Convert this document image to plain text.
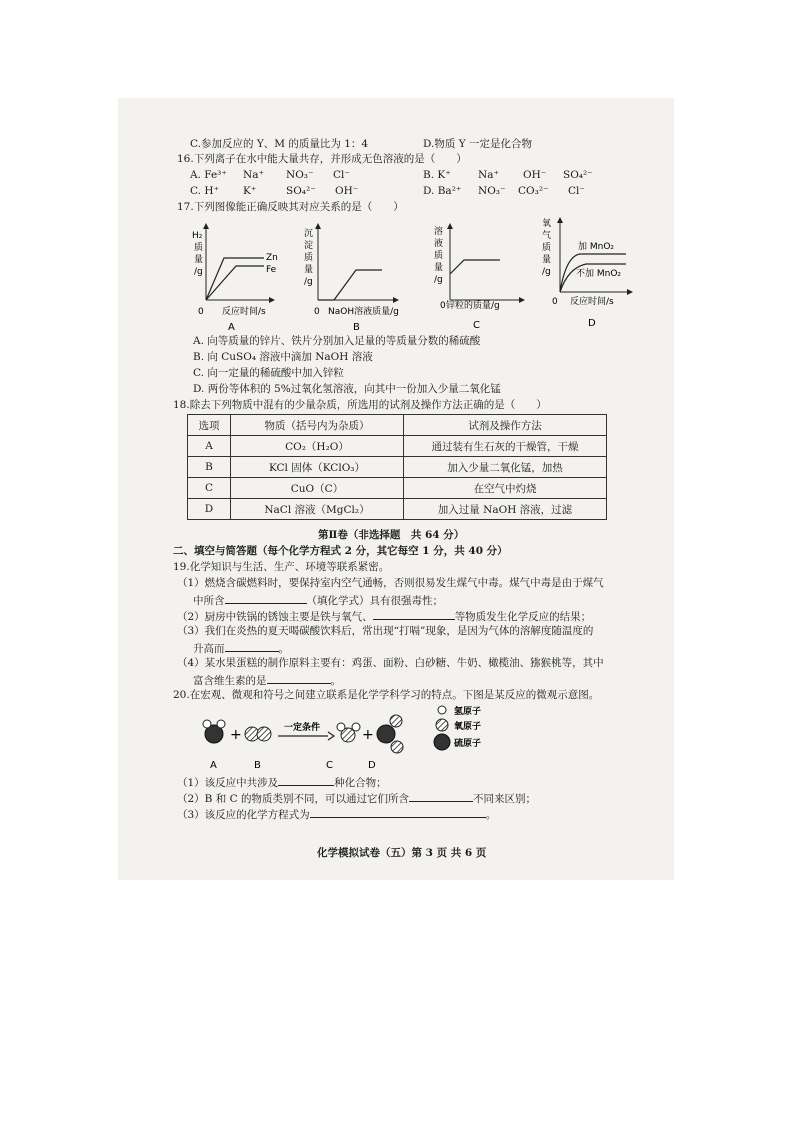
C.参加反应的 Y、M 的质量比为 1：4	D.物质 Y 一定是化合物
16.下列离子在水中能大量共存，并形成无色溶液的是（　　）
A. Fe³⁺ Na⁺ NO₃⁻ Cl⁻	B. K⁺	Na⁺ OH⁻ SO₄²⁻
C. H⁺ K⁺	SO₄²⁻ OH⁻	D. Ba²⁺ NO₃⁻ CO₃²⁻ Cl⁻
17.下列图像能正确反映其对应关系的是（　　）
H₂
质
量
/g
Zn
Fe
0 反应时间/s
A
沉
淀
质
量
/g
0 NaOH溶液质量/g
B
溶
液
质
量
/g
0 锌粒的质量/g
C
氧
气
质
量
/g
加 MnO₂
不加 MnO₂
0 反应时间/s
D
A. 向等质量的锌片、铁片分别加入足量的等质量分数的稀硫酸
B. 向 CuSO₄ 溶液中滴加 NaOH 溶液
C. 向一定量的稀硫酸中加入锌粒
D. 两份等体积的 5%过氧化氢溶液，向其中一份加入少量二氧化锰
18.除去下列物质中混有的少量杂质，所选用的试剂及操作方法正确的是（　　）
选项	物质（括号内为杂质）	试剂及操作方法
A	CO₂（H₂O）	通过装有生石灰的干燥管，干燥
B	KCl 固体（KClO₃）	加入少量二氧化锰，加热
C	CuO（C）	在空气中灼烧
D	NaCl 溶液（MgCl₂）	加入过量 NaOH 溶液，过滤
第Ⅱ卷（非选择题　共 64 分）
二、填空与简答题（每个化学方程式 2 分，其它每空 1 分，共 40 分）
19.化学知识与生活、生产、环境等联系紧密。
（1）燃烧含碳燃料时，要保持室内空气通畅，否则很易发生煤气中毒。煤气中毒是由于煤气
中所含	（填化学式）具有很强毒性；
（2）厨房中铁锅的锈蚀主要是铁与氧气、	等物质发生化学反应的结果；
（3）我们在炎热的夏天喝碳酸饮料后，常出现“打嗝”现象，是因为气体的溶解度随温度的
升高而	。
（4）某水果蛋糕的制作原料主要有：鸡蛋、面粉、白砂糖、牛奶、橄榄油、猕猴桃等，其中
富含维生素的是	。
20.在宏观、微观和符号之间建立联系是化学学科学习的特点。下图是某反应的微观示意图。
+	一定条件	+
氢原子
氧原子
硫原子
A	B	C	D
（1）该反应中共涉及	种化合物；
（2）B 和 C 的物质类别不同，可以通过它们所含	不同来区别；
（3）该反应的化学方程式为	。
化学模拟试卷（五）第 3 页 共 6 页
